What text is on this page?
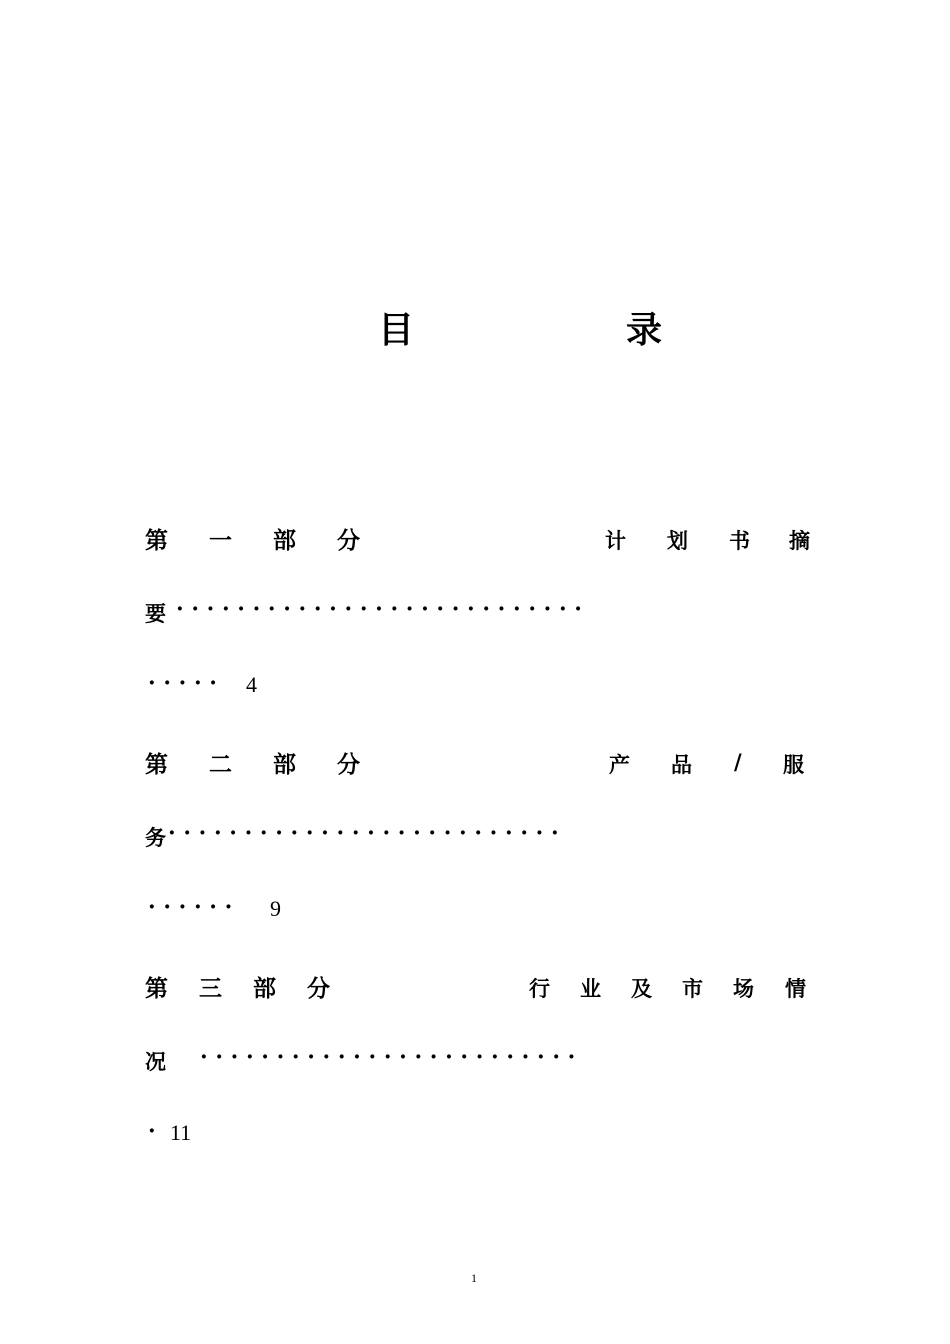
目	录
第 一 部 分	计 划 书 摘
要 · · · · · · · · · · · · · · · · · · · · · · · · · · ·
· · · · · 4
第 二 部 分	产 品 / 服
务 · · · · · · · · · · · · · · · · · · · · · · · · · ·
· · · · · · 9
第 三 部 分	行 业 及 市 场 情
况 · · · · · · · · · · · · · · · · · · · · · · · · ·
· 11
1
